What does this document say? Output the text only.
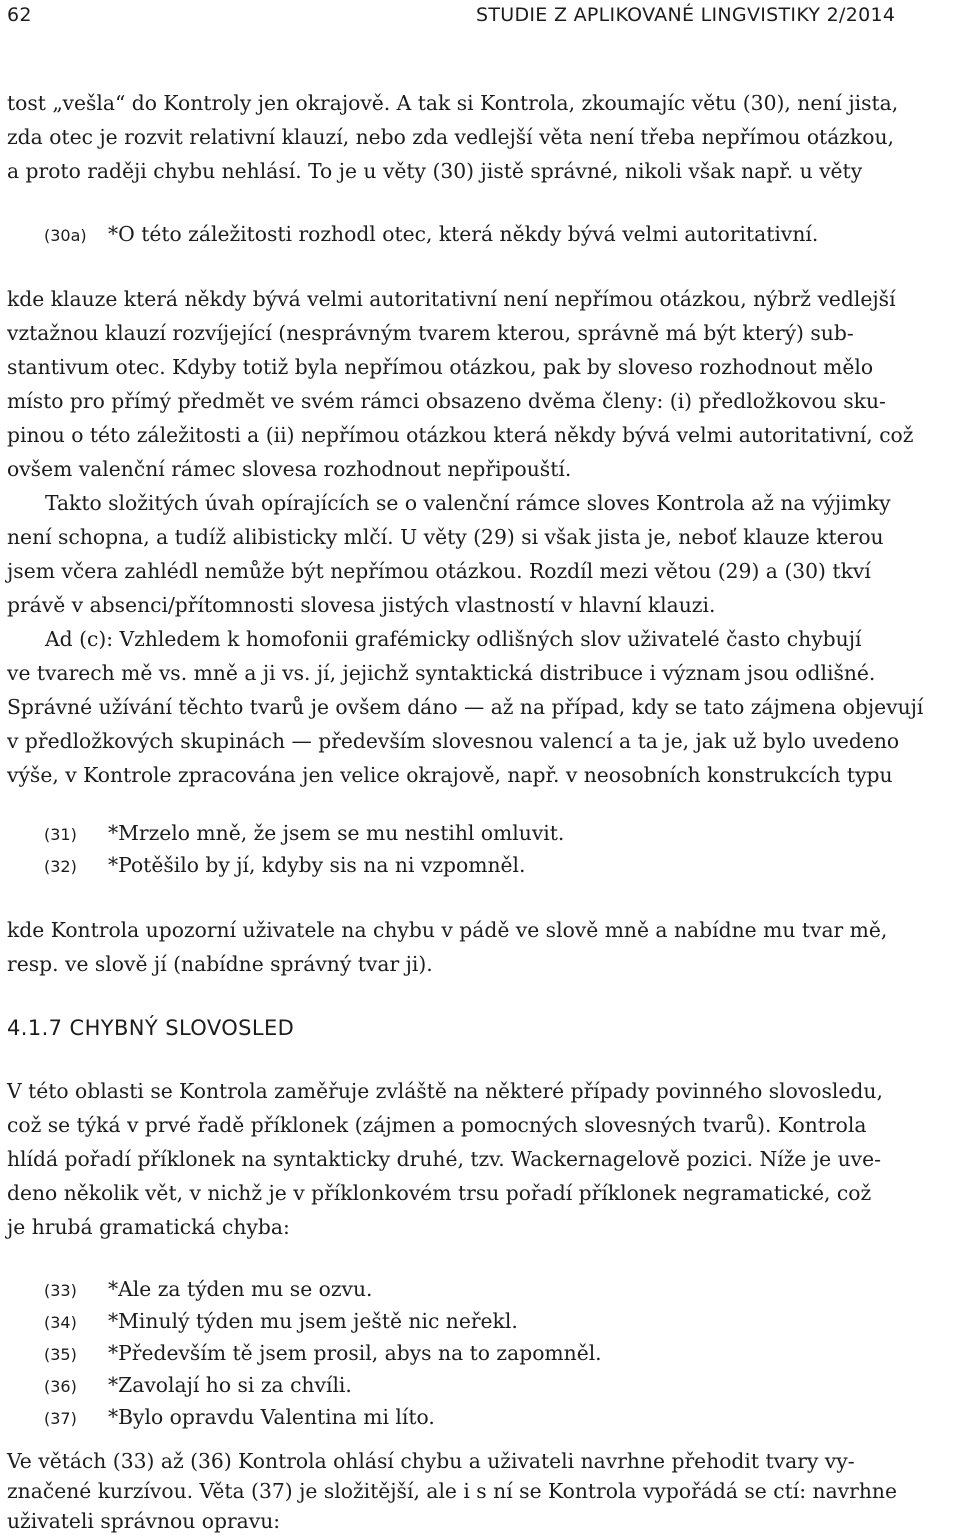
62	STUDIE Z APLIKOVANÉ LINGVISTIKY 2/2014
tost „vešla“ do Kontroly jen okrajově. A tak si Kontrola, zkoumajíc větu (30), není jista,
zda otec je rozvit relativní klauzí, nebo zda vedlejší věta není třeba nepřímou otázkou,
a proto raději chybu nehlásí. To je u věty (30) jistě správné, nikoli však např. u věty
(30a) *O této záležitosti rozhodl otec, která někdy bývá velmi autoritativní.
kde klauze která někdy bývá velmi autoritativní není nepřímou otázkou, nýbrž vedlejší
vztažnou klauzí rozvíjející (nesprávným tvarem kterou, správně má být který) sub-
stantivum otec. Kdyby totiž byla nepřímou otázkou, pak by sloveso rozhodnout mělo
místo pro přímý předmět ve svém rámci obsazeno dvěma členy: (i) předložkovou sku-
pinou o této záležitosti a (ii) nepřímou otázkou která někdy bývá velmi autoritativní, což
ovšem valenční rámec slovesa rozhodnout nepřipouští.
Takto složitých úvah opírajících se o valenční rámce sloves Kontrola až na výjimky
není schopna, a tudíž alibisticky mlčí. U věty (29) si však jista je, neboť klauze kterou
jsem včera zahlédl nemůže být nepřímou otázkou. Rozdíl mezi větou (29) a (30) tkví
právě v absenci/přítomnosti slovesa jistých vlastností v hlavní klauzi.
Ad (c): Vzhledem k homofonii grafémicky odlišných slov uživatelé často chybují
ve tvarech mě vs. mně a ji vs. jí, jejichž syntaktická distribuce i význam jsou odlišné.
Správné užívání těchto tvarů je ovšem dáno — až na případ, kdy se tato zájmena objevují
v předložkových skupinách — především slovesnou valencí a ta je, jak už bylo uvedeno
výše, v Kontrole zpracována jen velice okrajově, např. v neosobních konstrukcích typu
(31) *Mrzelo mně, že jsem se mu nestihl omluvit.
(32) *Potěšilo by jí, kdyby sis na ni vzpomněl.
kde Kontrola upozorní uživatele na chybu v pádě ve slově mně a nabídne mu tvar mě,
resp. ve slově jí (nabídne správný tvar ji).
4.1.7 CHYBNÝ SLOVOSLED
V této oblasti se Kontrola zaměřuje zvláště na některé případy povinného slovosledu,
což se týká v prvé řadě příklonek (zájmen a pomocných slovesných tvarů). Kontrola
hlídá pořadí příklonek na syntakticky druhé, tzv. Wackernagelově pozici. Níže je uve-
deno několik vět, v nichž je v příklonkovém trsu pořadí příklonek negramatické, což
je hrubá gramatická chyba:
(33) *Ale za týden mu se ozvu.
(34) *Minulý týden mu jsem ještě nic neřekl.
(35) *Především tě jsem prosil, abys na to zapomněl.
(36) *Zavolají ho si za chvíli.
(37) *Bylo opravdu Valentina mi líto.
Ve větách (33) až (36) Kontrola ohlásí chybu a uživateli navrhne přehodit tvary vy-
značené kurzívou. Věta (37) je složitější, ale i s ní se Kontrola vypořádá se ctí: navrhne
uživateli správnou opravu:
